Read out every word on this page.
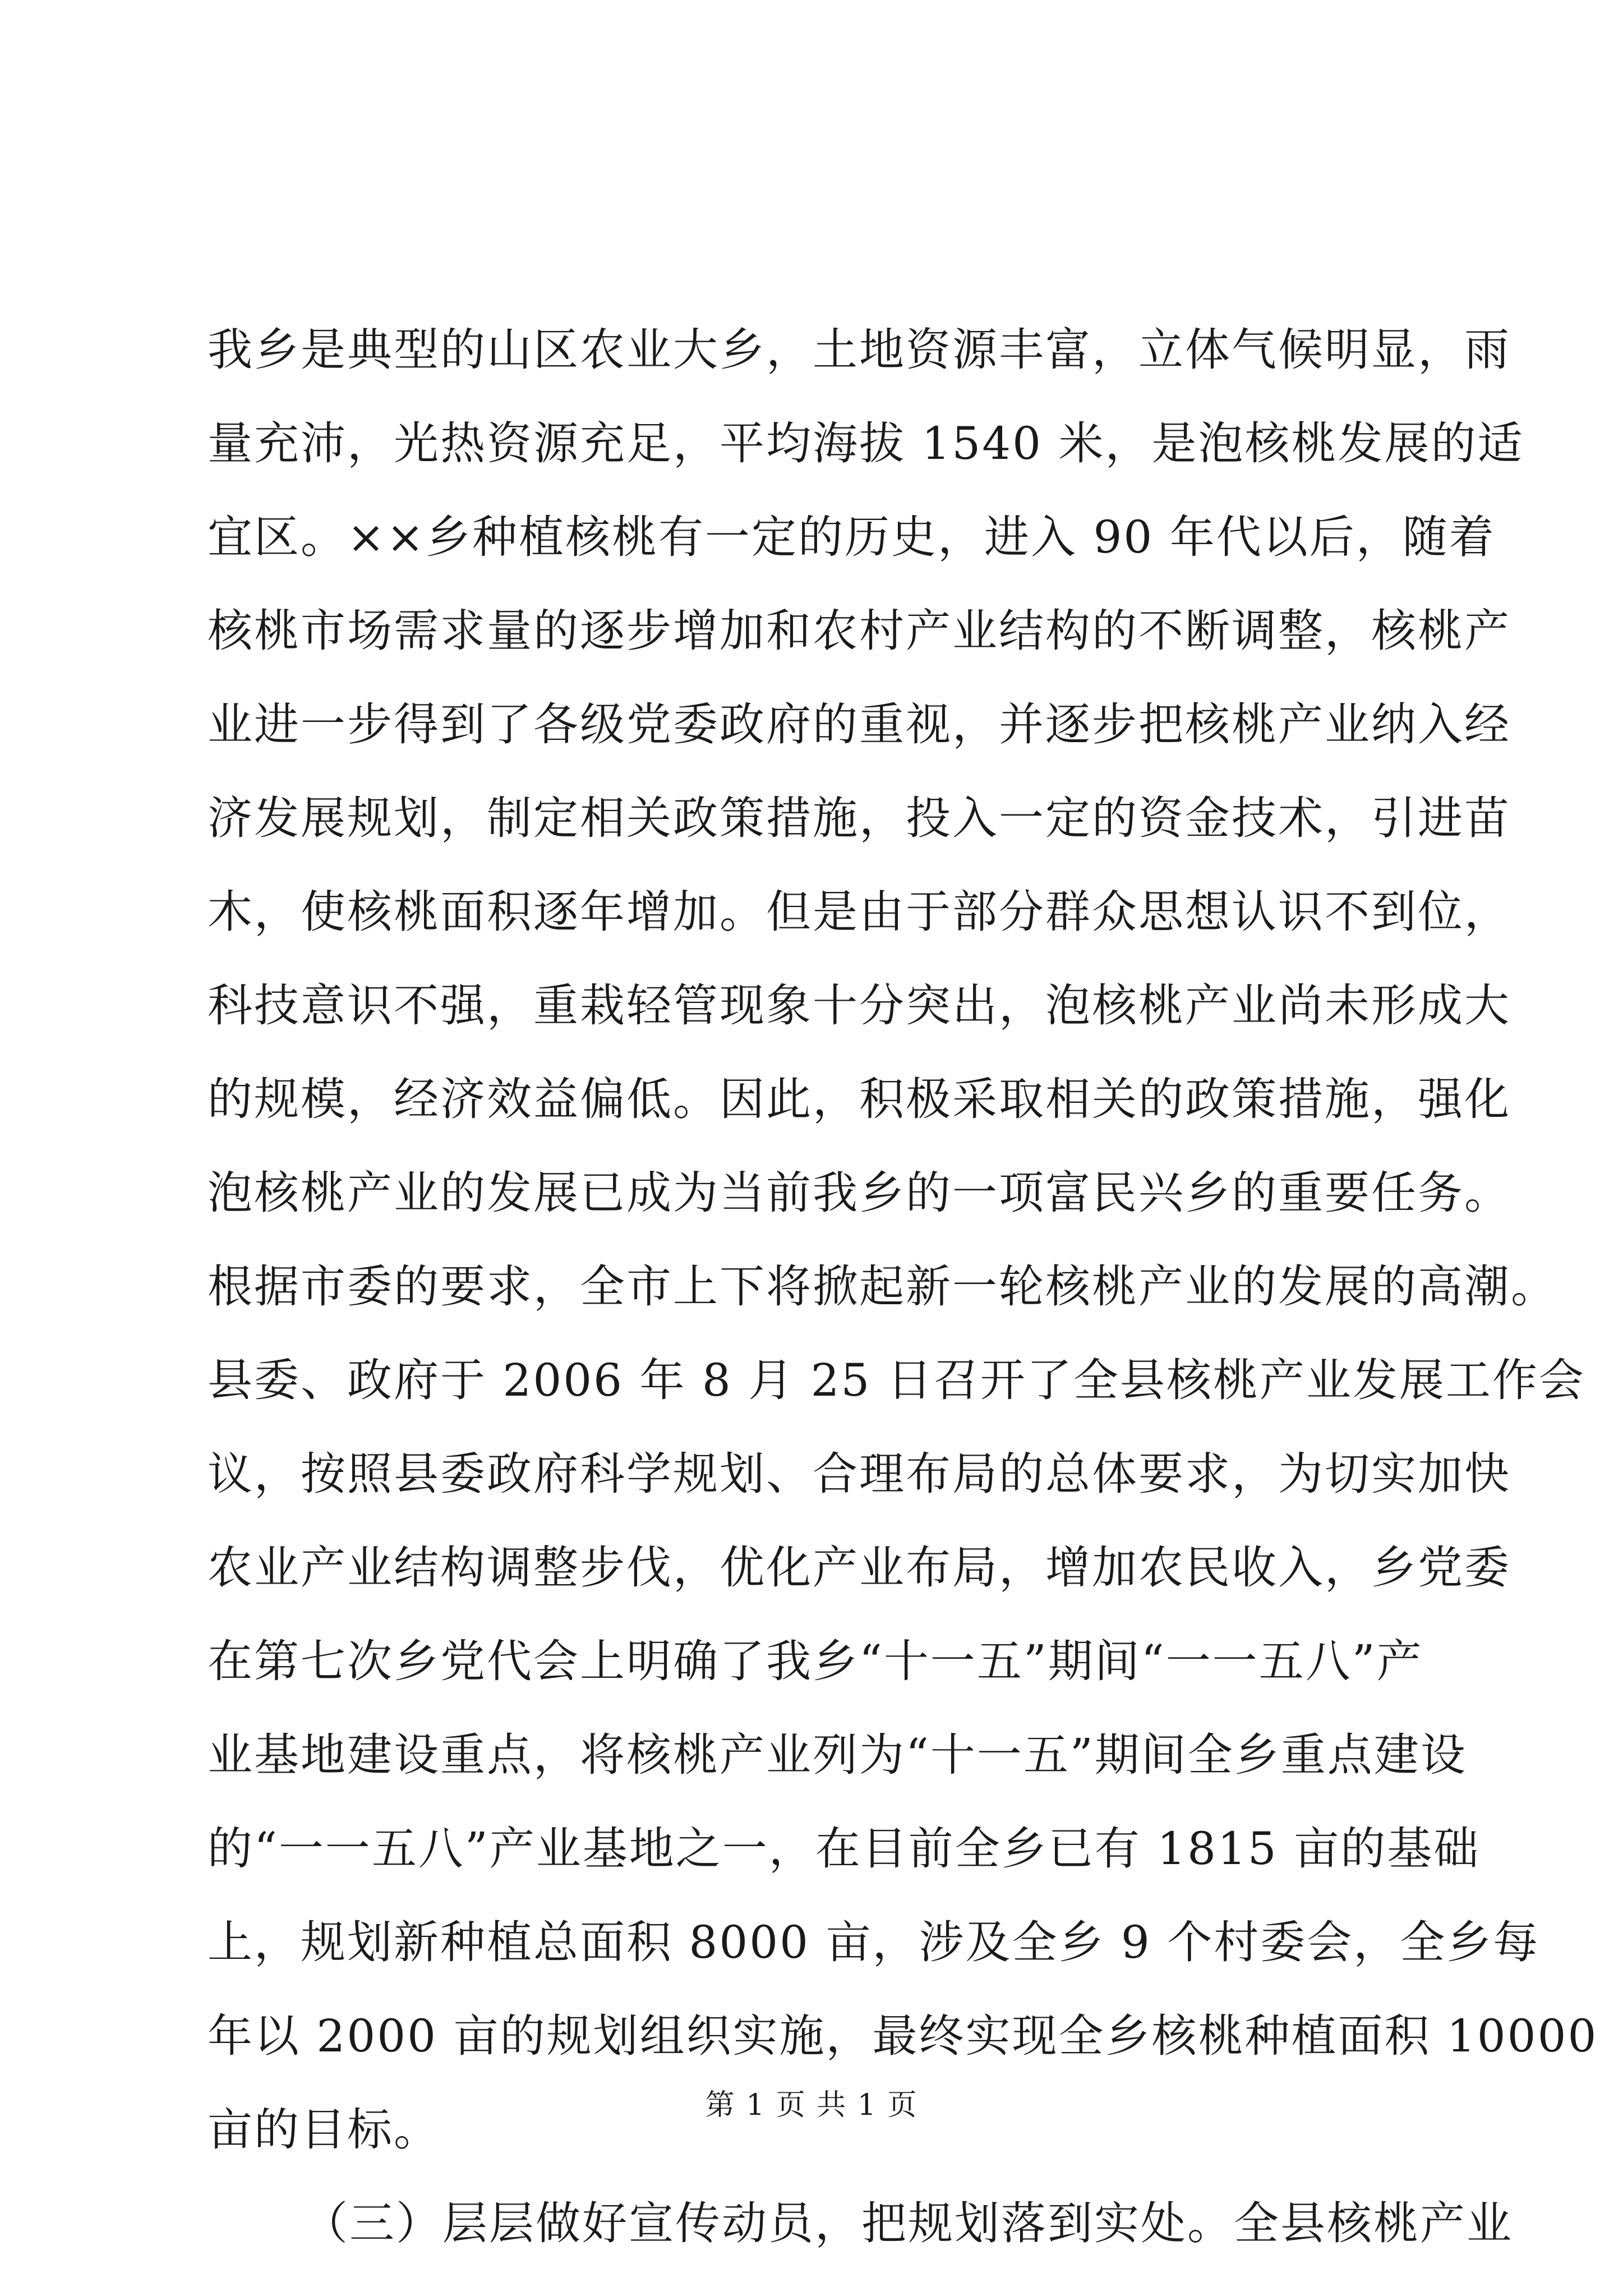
我乡是典型的山区农业大乡，土地资源丰富，立体气候明显，雨
量充沛，光热资源充足，平均海拔 1540 米，是泡核桃发展的适
宜区。××乡种植核桃有一定的历史，进入 90 年代以后，随着
核桃市场需求量的逐步增加和农村产业结构的不断调整，核桃产
业进一步得到了各级党委政府的重视，并逐步把核桃产业纳入经
济发展规划，制定相关政策措施，投入一定的资金技术，引进苗
木，使核桃面积逐年增加。但是由于部分群众思想认识不到位，
科技意识不强，重栽轻管现象十分突出，泡核桃产业尚未形成大
的规模，经济效益偏低。因此，积极采取相关的政策措施，强化
泡核桃产业的发展已成为当前我乡的一项富民兴乡的重要任务。
根据市委的要求，全市上下将掀起新一轮核桃产业的发展的高潮。
县委、政府于 2006 年 8 月 25 日召开了全县核桃产业发展工作会
议，按照县委政府科学规划、合理布局的总体要求，为切实加快
农业产业结构调整步伐，优化产业布局，增加农民收入，乡党委
在第七次乡党代会上明确了我乡“十一五”期间“一一五八”产
业基地建设重点，将核桃产业列为“十一五”期间全乡重点建设
的“一一五八”产业基地之一，在目前全乡已有 1815 亩的基础
上，规划新种植总面积 8000 亩，涉及全乡 9 个村委会，全乡每
年以 2000 亩的规划组织实施，最终实现全乡核桃种植面积 10000
亩的目标。
（三）层层做好宣传动员，把规划落到实处。全县核桃产业
第 1 页 共 1 页
